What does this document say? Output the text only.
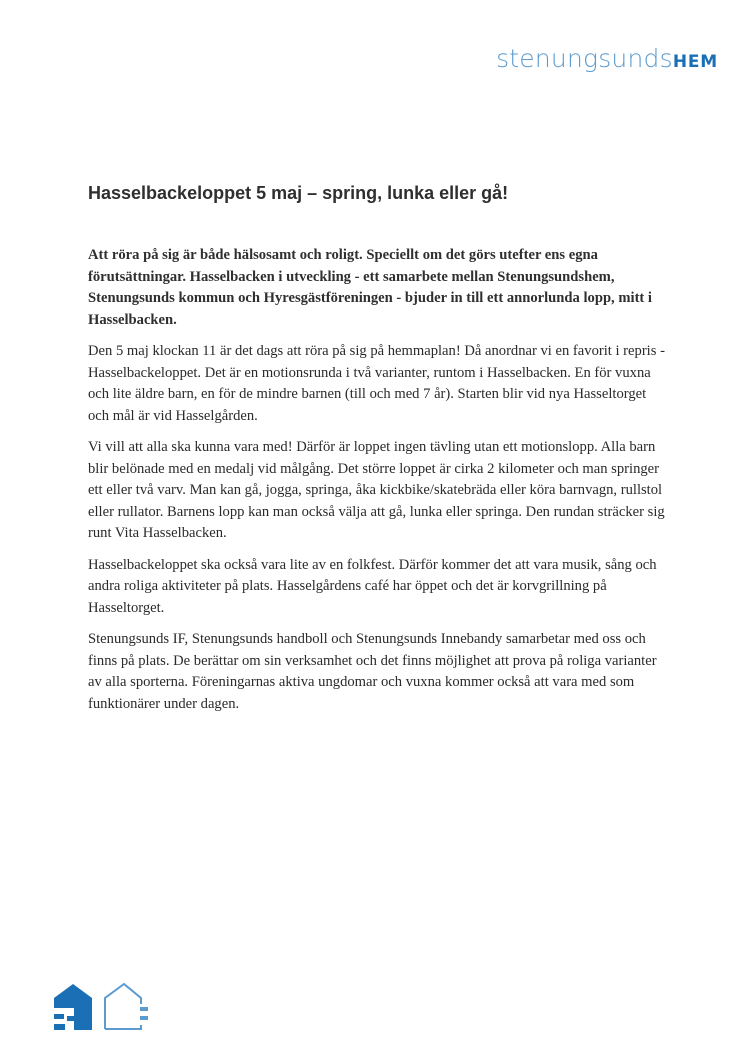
stenungsundsHEM
Hasselbackeloppet 5 maj – spring, lunka eller gå!

Att röra på sig är både hälsosamt och roligt. Speciellt om det görs utefter ens egna förutsättningar. Hasselbacken i utveckling - ett samarbete mellan Stenungsundshem, Stenungsunds kommun och Hyresgästföreningen - bjuder in till ett annorlunda lopp, mitt i Hasselbacken.

Den 5 maj klockan 11 är det dags att röra på sig på hemmaplan! Då anordnar vi en favorit i repris - Hasselbackeloppet. Det är en motionsrunda i två varianter, runtom i Hasselbacken. En för vuxna och lite äldre barn, en för de mindre barnen (till och med 7 år). Starten blir vid nya Hasseltorget och mål är vid Hasselgården.

Vi vill att alla ska kunna vara med! Därför är loppet ingen tävling utan ett motionslopp. Alla barn blir belönade med en medalj vid målgång. Det större loppet är cirka 2 kilometer och man springer ett eller två varv. Man kan gå, jogga, springa, åka kickbike/skatebräda eller köra barnvagn, rullstol eller rullator. Barnens lopp kan man också välja att gå, lunka eller springa. Den rundan sträcker sig runt Vita Hasselbacken.

Hasselbackeloppet ska också vara lite av en folkfest. Därför kommer det att vara musik, sång och andra roliga aktiviteter på plats. Hasselgårdens café har öppet och det är korvgrillning på Hasseltorget.

Stenungsunds IF, Stenungsunds handboll och Stenungsunds Innebandy samarbetar med oss och finns på plats. De berättar om sin verksamhet och det finns möjlighet att prova på roliga varianter av alla sporterna. Föreningarnas aktiva ungdomar och vuxna kommer också att vara med som funktionärer under dagen.
